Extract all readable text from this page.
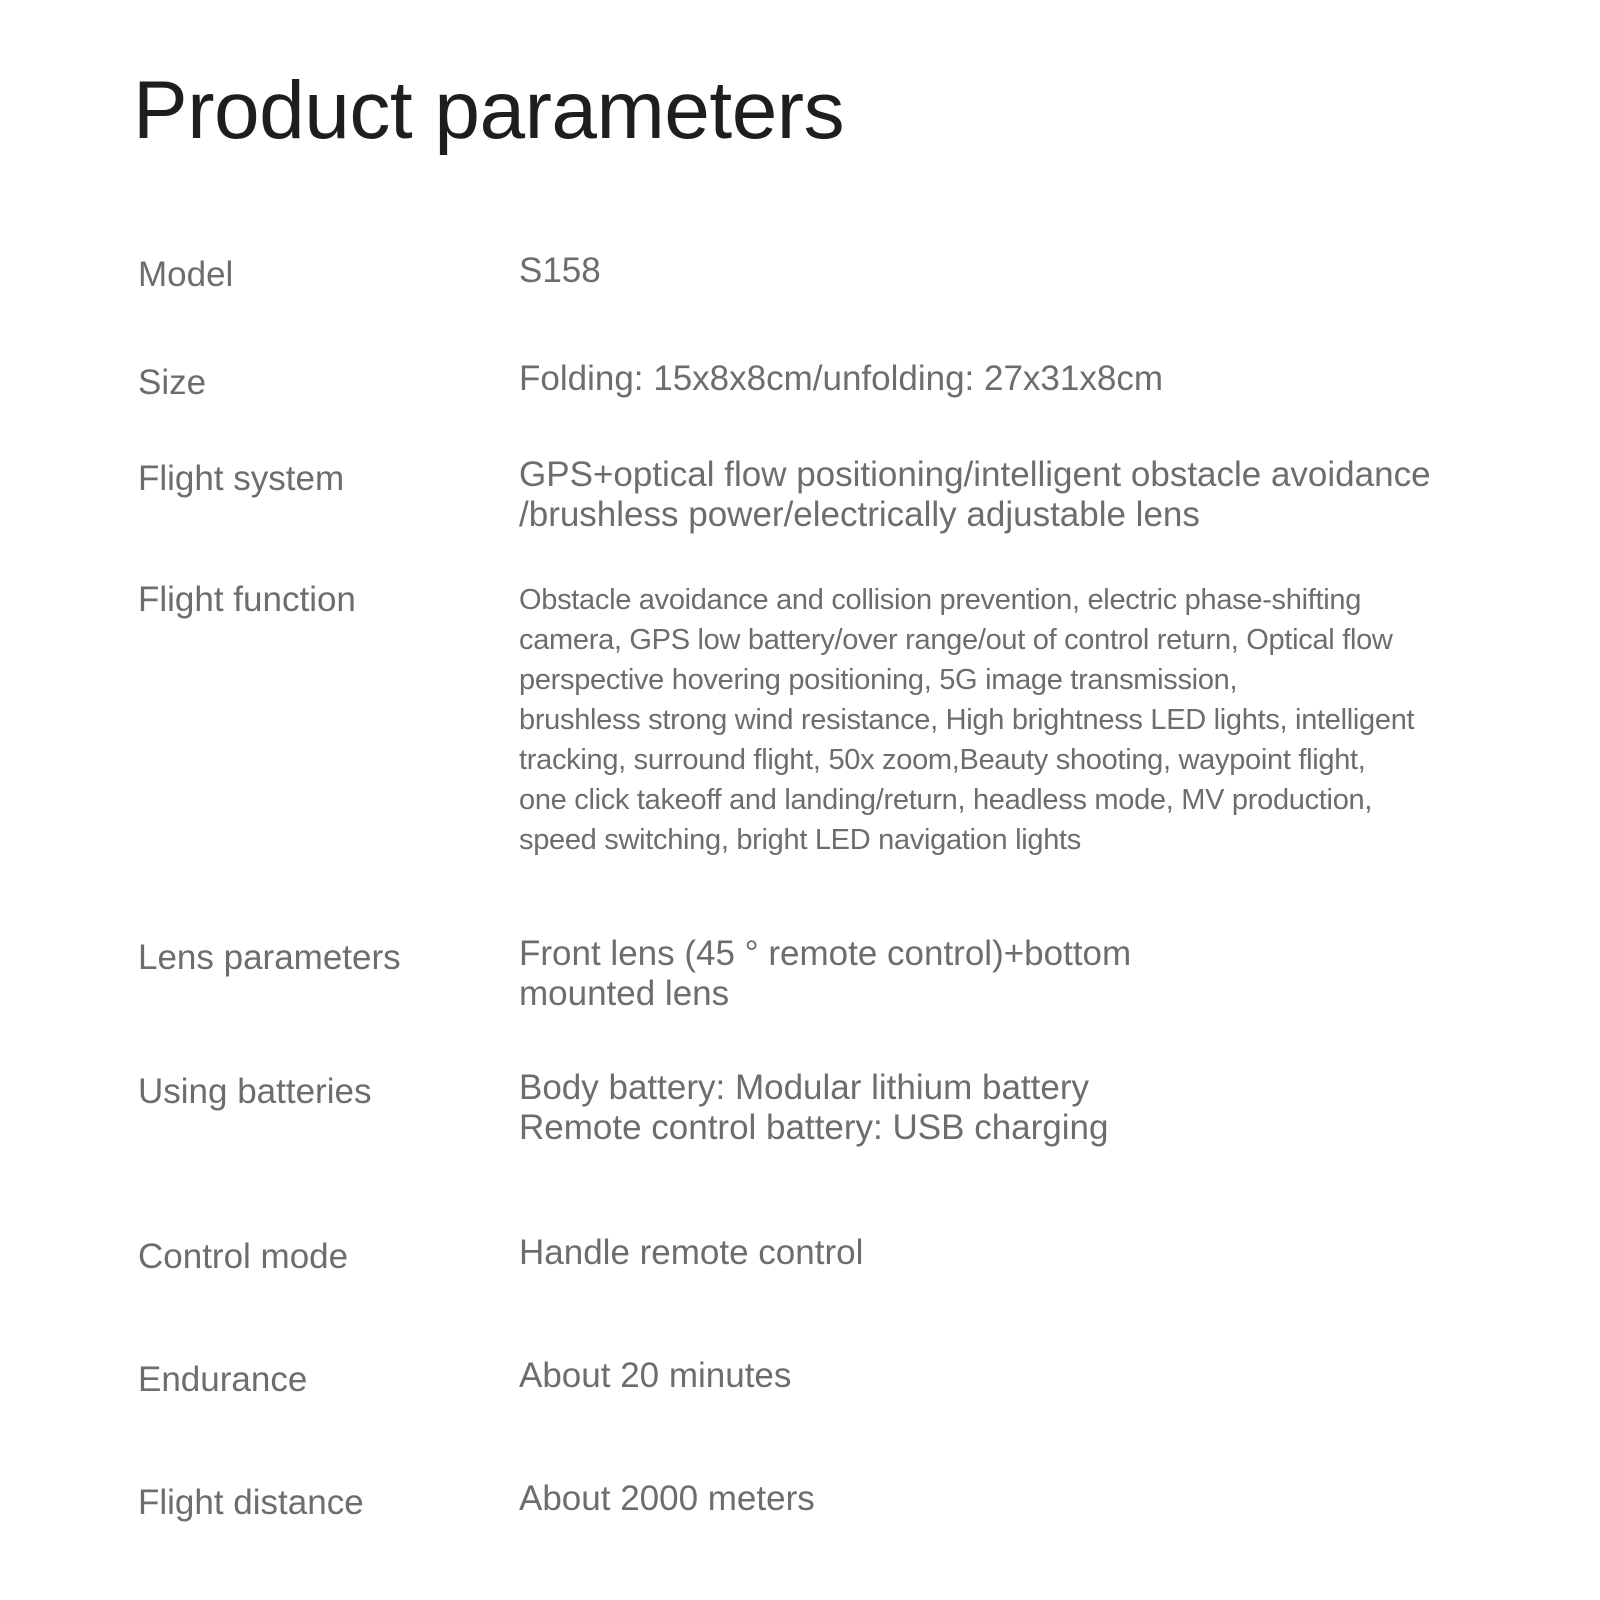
Product parameters
Model	S158
Size	Folding: 15x8x8cm/unfolding: 27x31x8cm
Flight system	GPS+optical flow positioning/intelligent obstacle avoidance
/brushless power/electrically adjustable lens
Flight function	Obstacle avoidance and collision prevention, electric phase-shifting
camera, GPS low battery/over range/out of control return, Optical flow
perspective hovering positioning, 5G image transmission,
brushless strong wind resistance, High brightness LED lights, intelligent
tracking, surround flight, 50x zoom,Beauty shooting, waypoint flight,
one click takeoff and landing/return, headless mode, MV production,
speed switching, bright LED navigation lights
Lens parameters	Front lens (45 ° remote control)+bottom
mounted lens
Using batteries	Body battery: Modular lithium battery
Remote control battery: USB charging
Control mode	Handle remote control
Endurance	About 20 minutes
Flight distance	About 2000 meters
